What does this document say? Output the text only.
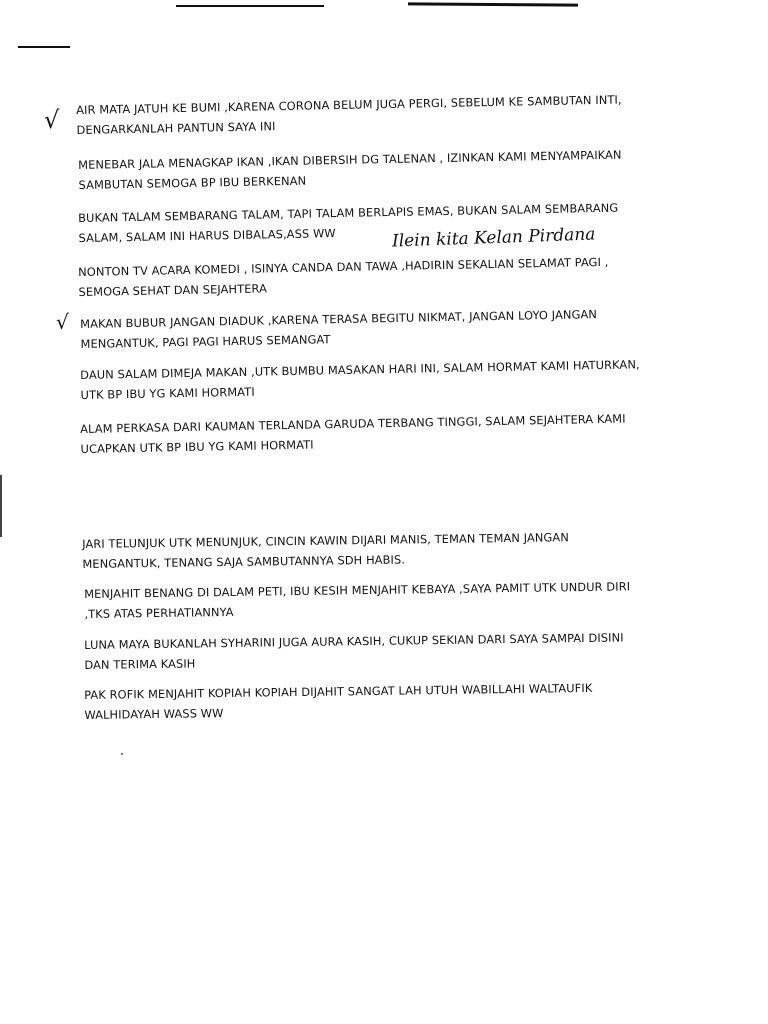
√
√

AIR MATA JATUH KE BUMI ,KARENA CORONA BELUM JUGA PERGI, SEBELUM KE SAMBUTAN INTI,
DENGARKANLAH PANTUN SAYA INI

MENEBAR JALA MENAGKAP IKAN ,IKAN DIBERSIH DG TALENAN , IZINKAN KAMI MENYAMPAIKAN
SAMBUTAN SEMOGA BP IBU BERKENAN

BUKAN TALAM SEMBARANG TALAM, TAPI TALAM BERLAPIS EMAS, BUKAN SALAM SEMBARANG
SALAM, SALAM INI HARUS DIBALAS,ASS WW	Ilein kita Kelan Pirdana

NONTON TV ACARA KOMEDI , ISINYA CANDA DAN TAWA ,HADIRIN SEKALIAN SELAMAT PAGI ,
SEMOGA SEHAT DAN SEJAHTERA

MAKAN BUBUR JANGAN DIADUK ,KARENA TERASA BEGITU NIKMAT, JANGAN LOYO JANGAN
MENGANTUK, PAGI PAGI HARUS SEMANGAT

DAUN SALAM DIMEJA MAKAN ,UTK BUMBU MASAKAN HARI INI, SALAM HORMAT KAMI HATURKAN,
UTK BP IBU YG KAMI HORMATI

ALAM PERKASA DARI KAUMAN TERLANDA GARUDA TERBANG TINGGI, SALAM SEJAHTERA KAMI
UCAPKAN UTK BP IBU YG KAMI HORMATI

JARI TELUNJUK UTK MENUNJUK, CINCIN KAWIN DIJARI MANIS, TEMAN TEMAN JANGAN
MENGANTUK, TENANG SAJA SAMBUTANNYA SDH HABIS.

MENJAHIT BENANG DI DALAM PETI, IBU KESIH MENJAHIT KEBAYA ,SAYA PAMIT UTK UNDUR DIRI
,TKS ATAS PERHATIANNYA

LUNA MAYA BUKANLAH SYHARINI JUGA AURA KASIH, CUKUP SEKIAN DARI SAYA SAMPAI DISINI
DAN TERIMA KASIH

PAK ROFIK MENJAHIT KOPIAH KOPIAH DIJAHIT SANGAT LAH UTUH WABILLAHI WALTAUFIK
WALHIDAYAH WASS WW
